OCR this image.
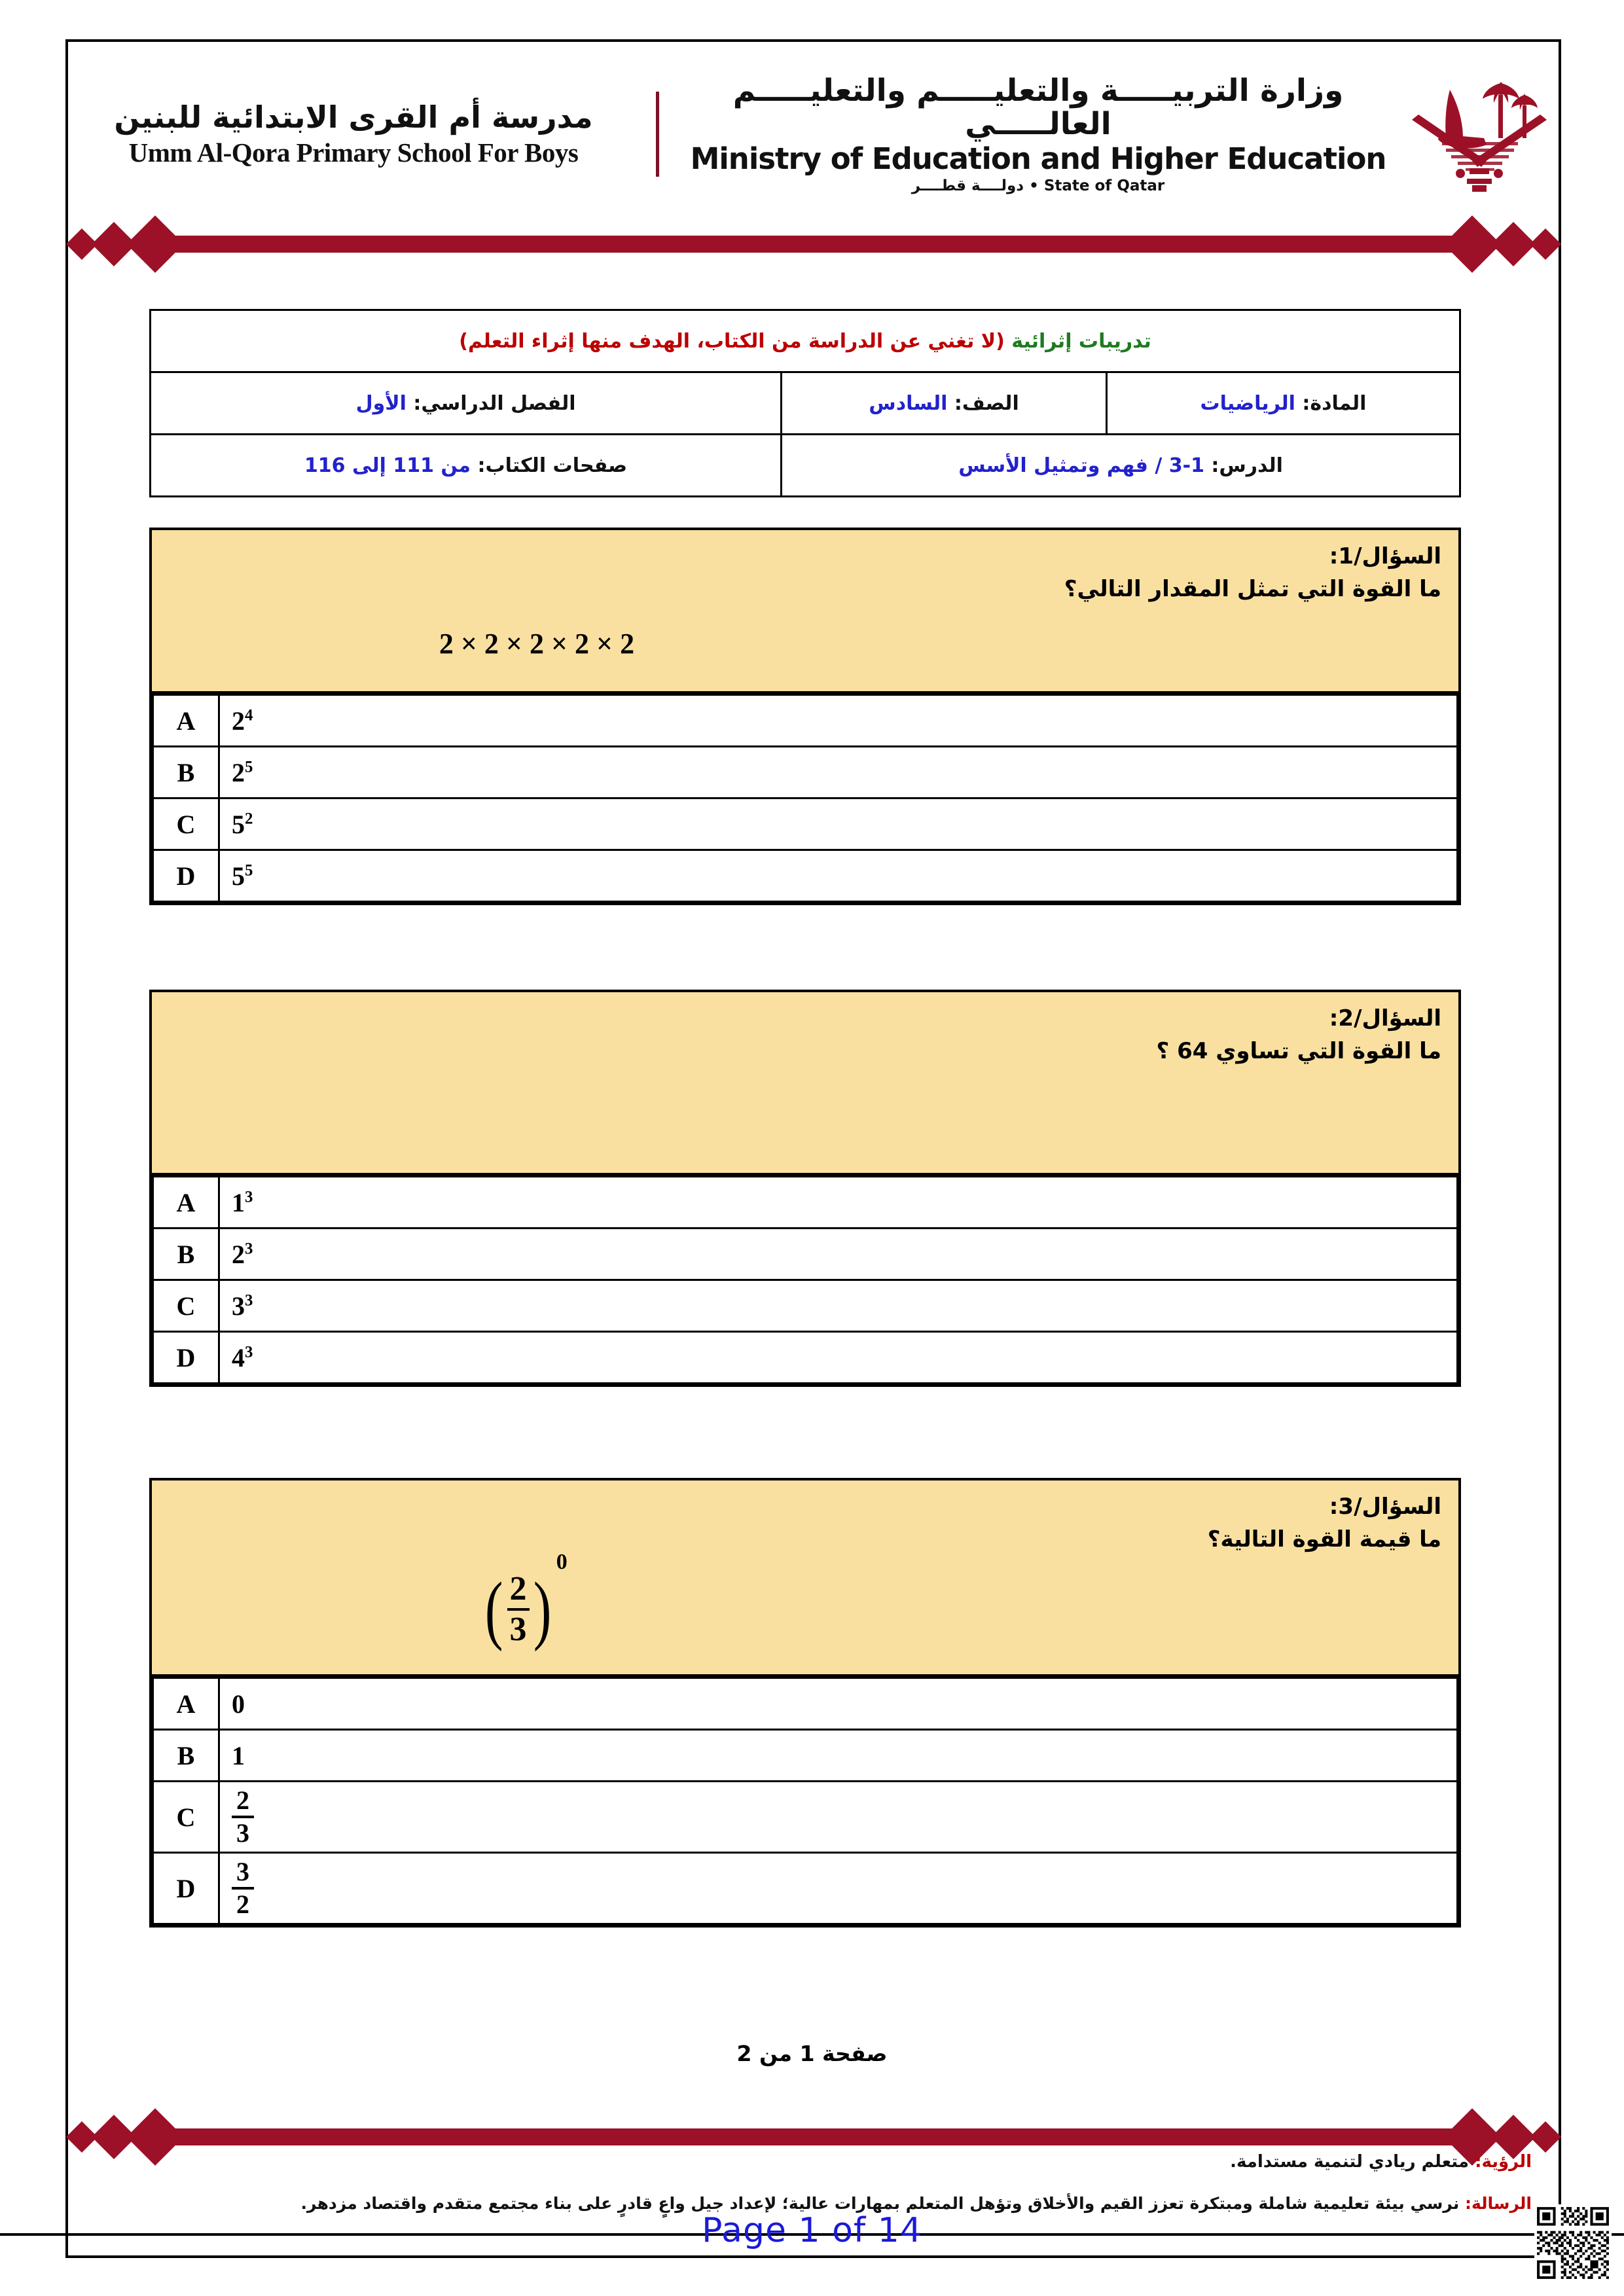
مدرسة أم القرى الابتدائية للبنين
Umm Al-Qora Primary School For Boys
وزارة التربيـــــة والتعليـــــم والتعليـــــم العالـــــي
Ministry of Education and Higher Education
دولــــة قطــــر • State of Qatar
تدريبات إثرائية (لا تغني عن الدراسة من الكتاب، الهدف منها إثراء التعلم)		
المادة: الرياضيات	الصف: السادس	الفصل الدراسي: الأول
الدرس: 1-3 / فهم وتمثيل الأسس		صفحات الكتاب: من 111 إلى 116
السؤال/1:
ما القوة التي تمثل المقدار التالي؟
2 × 2 × 2 × 2 × 2
A	$2^4$
B	$2^5$
C	$5^2$
D	$5^5$
السؤال/2:
ما القوة التي تساوي 64 ؟
A	$1^3$
B	$2^3$
C	$3^3$
D	$4^3$
السؤال/3:
ما قيمة القوة التالية؟
( $\frac{2}{3} )^0$
A	0
B	1
C	$\frac{2}{3}$

D	$\frac{3}{2}$
صفحة 1 من 2
الرؤية: متعلم ريادي لتنمية مستدامة.
الرسالة: نرسي بيئة تعليمية شاملة ومبتكرة تعزز القيم والأخلاق وتؤهل المتعلم بمهارات عالية؛ لإعداد جيل واعٍ قادرٍ على بناء مجتمع متقدم واقتصاد مزدهر.
Page 1 of 14
